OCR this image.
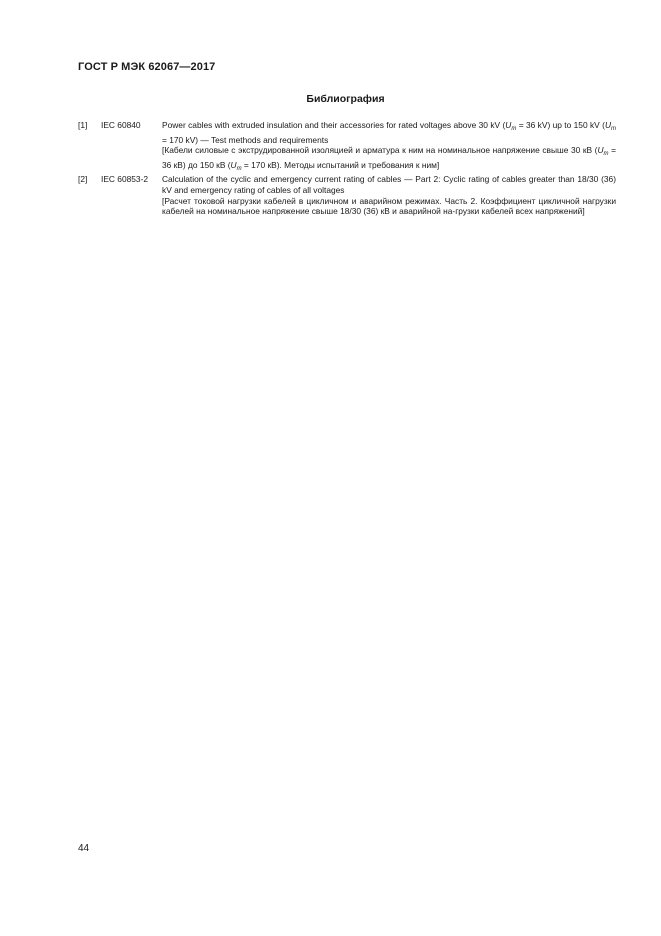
ГОСТ Р МЭК 62067—2017
Библиография
[1]	IEC 60840	Power cables with extruded insulation and their accessories for rated voltages above 30 kV ($U_m = 36$ kV) up to 150 kV ($U_m = 170$ kV) — Test methods and requirements

[Кабели силовые с экструдированной изоляцией и арматура к ним на номинальное напряжение свыше 30 кВ ($U_m = 36$ кВ) до 150 кВ ($U_m = 170$ кВ). Методы испытаний и требования к ним]

[2]	IEC 60853-2	Calculation of the cyclic and emergency current rating of cables — Part 2: Cyclic rating of cables greater than 18/30 (36) kV and emergency rating of cables of all voltages

[Расчет токовой нагрузки кабелей в цикличном и аварийном режимах. Часть 2. Коэффициент цикличной нагрузки кабелей на номинальное напряжение свыше 18/30 (36) кВ и аварийной на-грузки кабелей всех напряжений]

44
